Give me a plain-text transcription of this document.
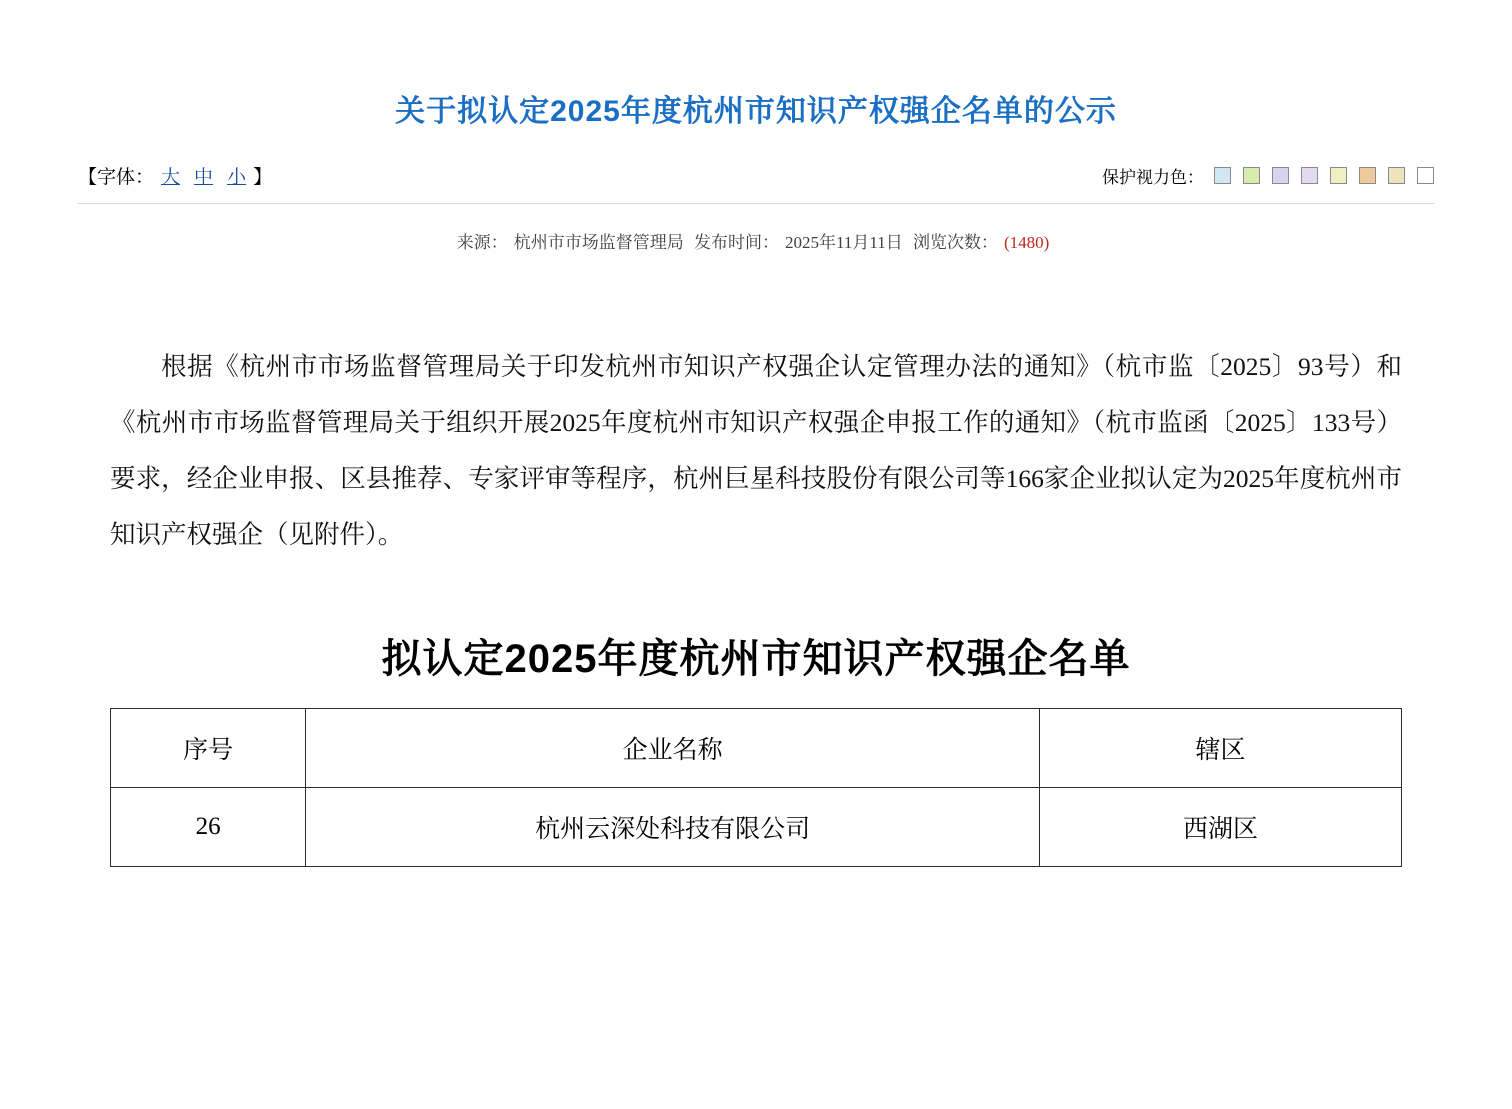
关于拟认定2025年度杭州市知识产权强企名单的公示
【 字体： 大 中 小 】	保护视力色：
来源： 杭州市市场监督管理局 发布时间： 2025年11月11日 浏览次数： (1480)

根据《杭州市市场监督管理局关于印发杭州市知识产权强企认定管理办法的通知》（杭市监〔2025〕93号）和《杭州市市场监督管理局关于组织开展2025年度杭州市知识产权强企申报工作的通知》（杭市监函〔2025〕133号）要求，经企业申报、区县推荐、专家评审等程序，杭州巨星科技股份有限公司等166家企业拟认定为2025年度杭州市知识产权强企（见附件）。

拟认定2025年度杭州市知识产权强企名单
序号	企业名称	辖区
26	杭州云深处科技有限公司	西湖区
